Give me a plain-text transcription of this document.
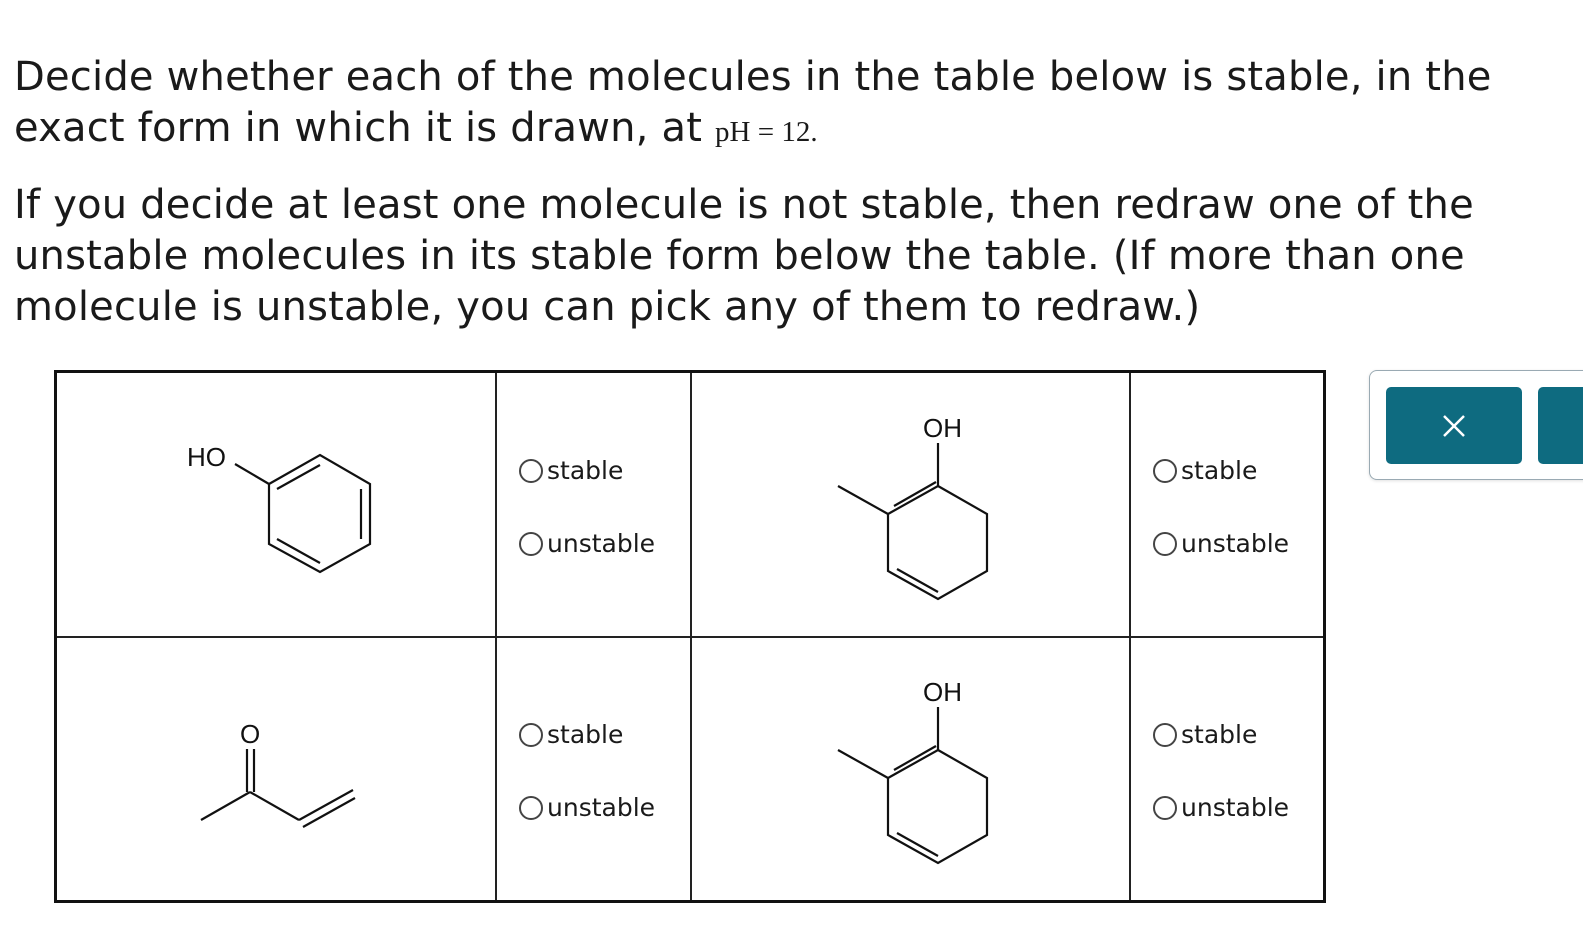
Decide whether each of the molecules in the table below is stable, in the
exact form in which it is drawn, at pH = 12.

If you decide at least one molecule is not stable, then redraw one of the
unstable molecules in its stable form below the table. (If more than one
molecule is unstable, you can pick any of them to redraw.)

HO	stable
unstable
OH
stable
unstable
O	stable
unstable
OH
stable
unstable
